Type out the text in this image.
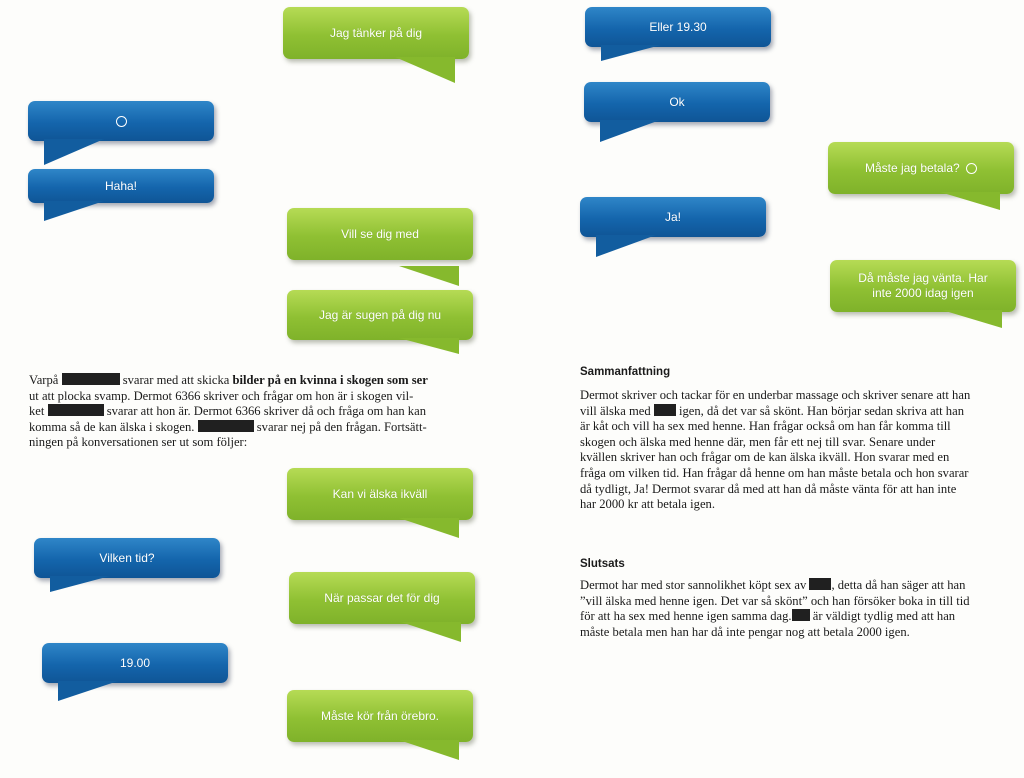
Jag tänker på dig
Haha!
Vill se dig med
Jag är sugen på dig nu
Varpå	svarar med att skicka bilder på en kvinna i skogen som ser
ut att plocka svamp. Dermot 6366 skriver och frågar om hon är i skogen vil-
ket	svarar att hon är. Dermot 6366 skriver då och fråga om han kan
komma så de kan älska i skogen.	svarar nej på den frågan. Fortsätt-
ningen på konversationen ser ut som följer:
Kan vi älska ikväll
Vilken tid?
När passar det för dig
19.00
Måste kör från örebro.
Eller 19.30
Ok
Måste jag betala?
Ja!
Då måste jag vänta. Har inte 2000 idag igen
Sammanfattning
Dermot skriver och tackar för en underbar massage och skriver senare att han
vill älska med igen, då det var så skönt. Han börjar sedan skriva att han
är kåt och vill ha sex med henne. Han frågar också om han får komma till
skogen och älska med henne där, men får ett nej till svar. Senare under
kvällen skriver han och frågar om de kan älska ikväll. Hon svarar med en
fråga om vilken tid. Han frågar då henne om han måste betala och hon svarar
då tydligt, Ja! Dermot svarar då med att han då måste vänta för att han inte
har 2000 kr att betala igen.
Slutsats
Dermot har med stor sannolikhet köpt sex av , detta då han säger att han
”vill älska med henne igen. Det var så skönt” och han försöker boka in till tid
för att ha sex med henne igen samma dag. är väldigt tydlig med att han
måste betala men han har då inte pengar nog att betala 2000 igen.
